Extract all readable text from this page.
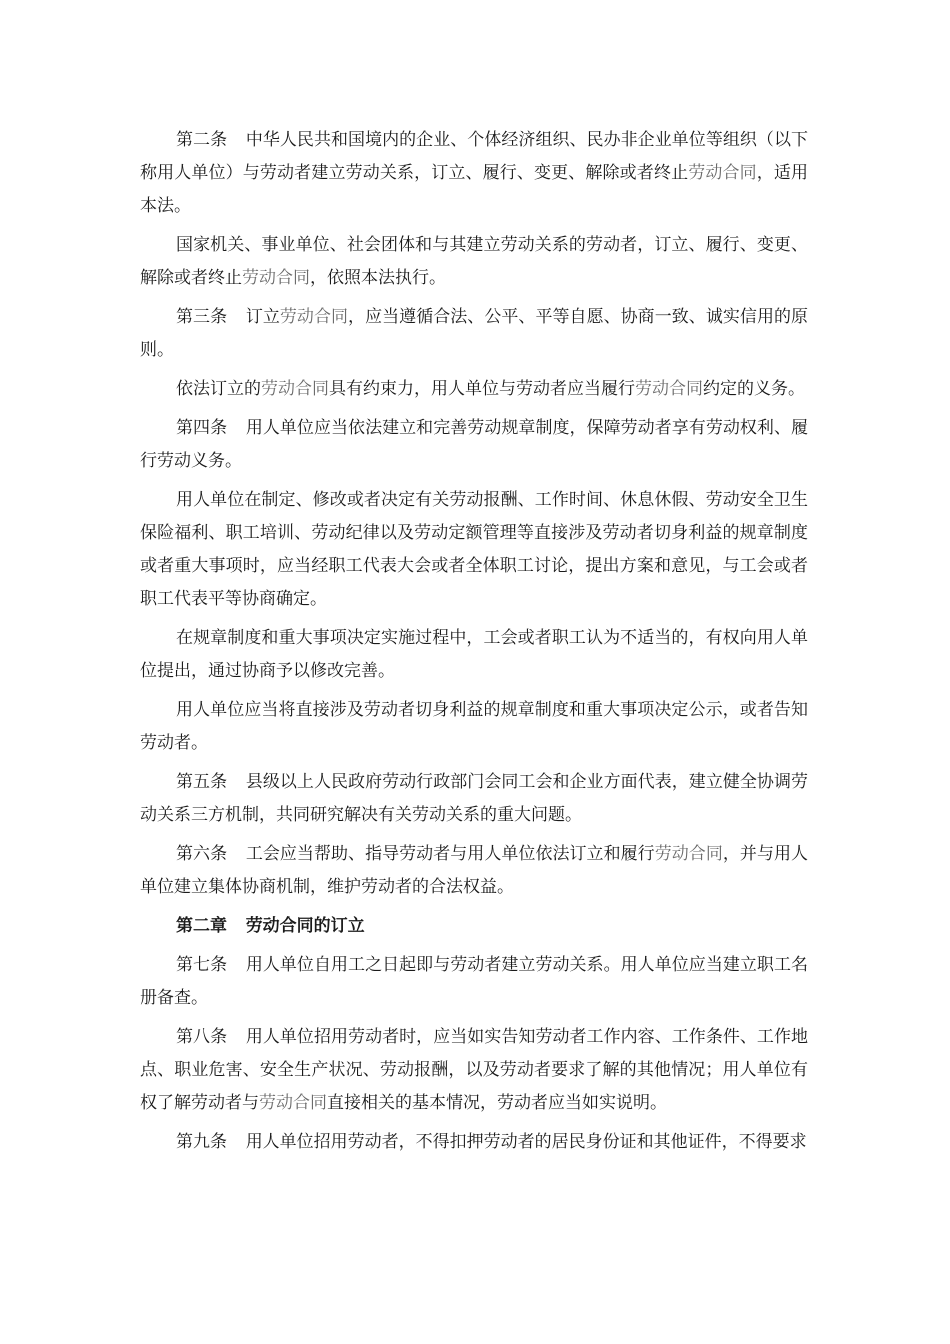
第二条 中华人民共和国境内的企业、个体经济组织、民办非企业单位等组织（以下称用人单位）与劳动者建立劳动关系，订立、履行、变更、解除或者终止劳动合同，适用本法。

国家机关、事业单位、社会团体和与其建立劳动关系的劳动者，订立、履行、变更、解除或者终止劳动合同，依照本法执行。

第三条 订立劳动合同，应当遵循合法、公平、平等自愿、协商一致、诚实信用的原则。

依法订立的劳动合同具有约束力，用人单位与劳动者应当履行劳动合同约定的义务。

第四条 用人单位应当依法建立和完善劳动规章制度，保障劳动者享有劳动权利、履行劳动义务。

用人单位在制定、修改或者决定有关劳动报酬、工作时间、休息休假、劳动安全卫生保险福利、职工培训、劳动纪律以及劳动定额管理等直接涉及劳动者切身利益的规章制度或者重大事项时，应当经职工代表大会或者全体职工讨论，提出方案和意见，与工会或者职工代表平等协商确定。

在规章制度和重大事项决定实施过程中，工会或者职工认为不适当的，有权向用人单位提出，通过协商予以修改完善。

用人单位应当将直接涉及劳动者切身利益的规章制度和重大事项决定公示，或者告知劳动者。

第五条 县级以上人民政府劳动行政部门会同工会和企业方面代表，建立健全协调劳动关系三方机制，共同研究解决有关劳动关系的重大问题。

第六条 工会应当帮助、指导劳动者与用人单位依法订立和履行劳动合同，并与用人单位建立集体协商机制，维护劳动者的合法权益。

第二章 劳动合同的订立

第七条 用人单位自用工之日起即与劳动者建立劳动关系。用人单位应当建立职工名册备查。

第八条 用人单位招用劳动者时，应当如实告知劳动者工作内容、工作条件、工作地点、职业危害、安全生产状况、劳动报酬，以及劳动者要求了解的其他情况；用人单位有权了解劳动者与劳动合同直接相关的基本情况，劳动者应当如实说明。

第九条 用人单位招用劳动者，不得扣押劳动者的居民身份证和其他证件，不得要求
